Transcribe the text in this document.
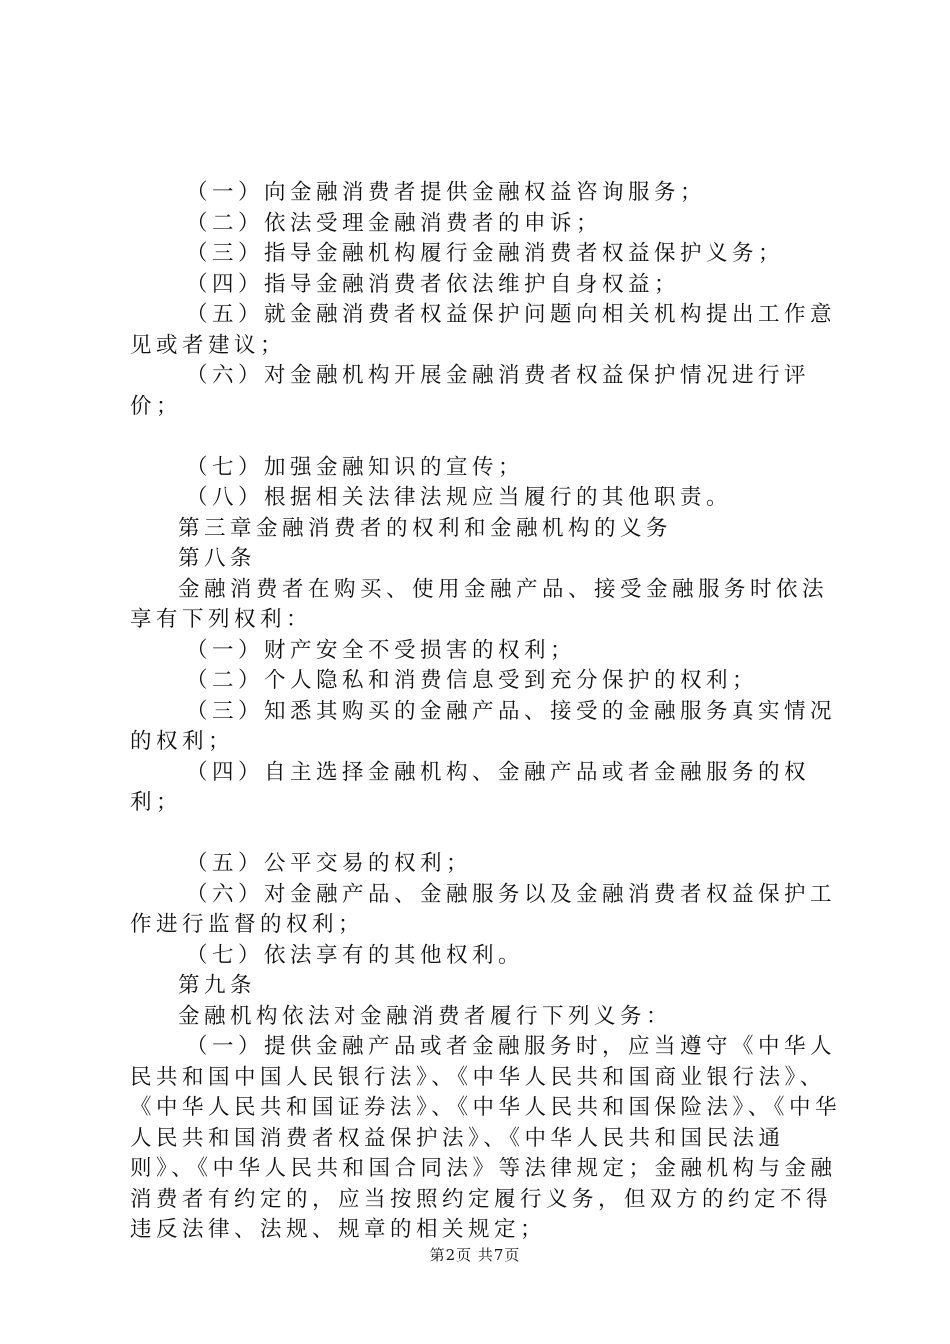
（一）向金融消费者提供金融权益咨询服务；

（二）依法受理金融消费者的申诉；

（三）指导金融机构履行金融消费者权益保护义务；

（四）指导金融消费者依法维护自身权益；

（五）就金融消费者权益保护问题向相关机构提出工作意见或者建议；

（六）对金融机构开展金融消费者权益保护情况进行评价；

（七）加强金融知识的宣传；

（八）根据相关法律法规应当履行的其他职责。

第三章金融消费者的权利和金融机构的义务

第八条

金融消费者在购买、使用金融产品、接受金融服务时依法享有下列权利：

（一）财产安全不受损害的权利；

（二）个人隐私和消费信息受到充分保护的权利；

（三）知悉其购买的金融产品、接受的金融服务真实情况的权利；

（四）自主选择金融机构、金融产品或者金融服务的权利；

（五）公平交易的权利；

（六）对金融产品、金融服务以及金融消费者权益保护工作进行监督的权利；

（七）依法享有的其他权利。

第九条

金融机构依法对金融消费者履行下列义务：

（一）提供金融产品或者金融服务时，应当遵守《中华人民共和国中国人民银行法》、《中华人民共和国商业银行法》、《中华人民共和国证券法》、《中华人民共和国保险法》、《中华人民共和国消费者权益保护法》、《中华人民共和国民法通则》、《中华人民共和国合同法》等法律规定；金融机构与金融消费者有约定的，应当按照约定履行义务，但双方的约定不得违反法律、法规、规章的相关规定；

第2页 共7页
